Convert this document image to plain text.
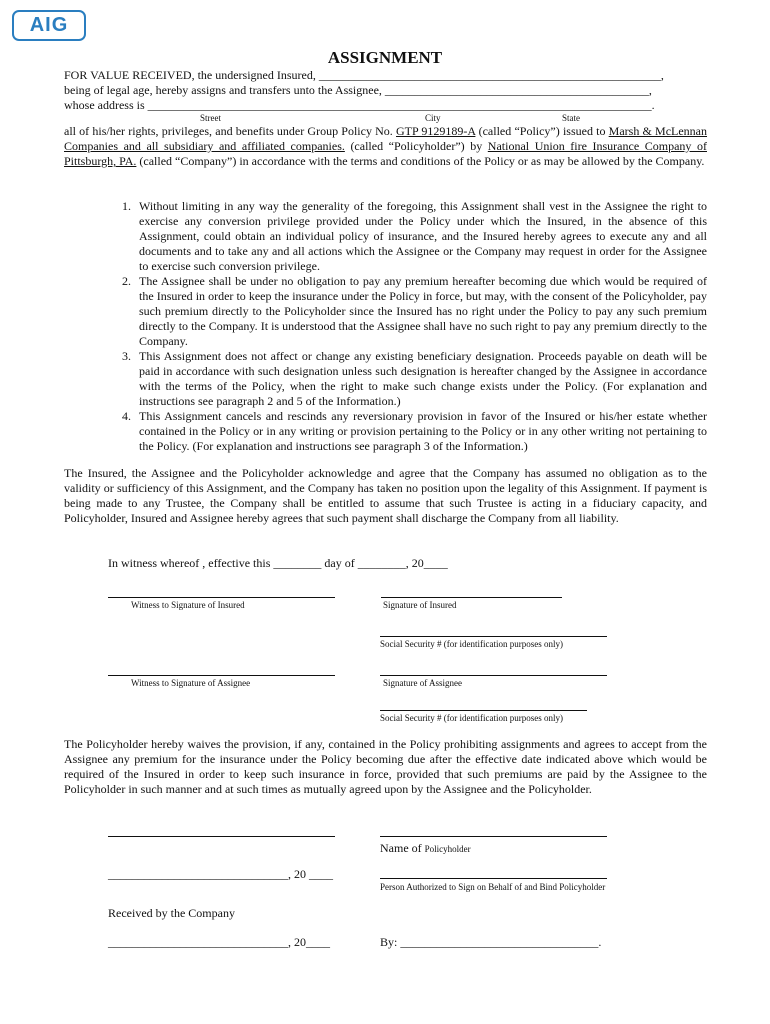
AIG
ASSIGNMENT
FOR VALUE RECEIVED, the undersigned Insured, _________________________________________________________,
being of legal age, hereby assigns and transfers unto the Assignee, ____________________________________________,
whose address is ____________________________________________________________________________________.
Street	City	State
all of his/her rights, privileges, and benefits under Group Policy No. GTP 9129189-A (called “Policy”) issued to Marsh & McLennan Companies and all subsidiary and affiliated companies. (called “Policyholder”) by National Union fire Insurance Company of Pittsburgh, PA. (called “Company”) in accordance with the terms and conditions of the Policy or as may be allowed by the Company.
1. Without limiting in any way the generality of the foregoing, this Assignment shall vest in the Assignee the right to exercise any conversion privilege provided under the Policy under which the Insured, in the absence of this Assignment, could obtain an individual policy of insurance, and the Insured hereby agrees to execute any and all documents and to take any and all actions which the Assignee or the Company may request in order for the Assignee to exercise such conversion privilege.
2. The Assignee shall be under no obligation to pay any premium hereafter becoming due which would be required of the Insured in order to keep the insurance under the Policy in force, but may, with the consent of the Policyholder, pay such premium directly to the Policyholder since the Insured has no right under the Policy to pay any such premium directly to the Company. It is understood that the Assignee shall have no such right to pay any premium directly to the Company.
3. This Assignment does not affect or change any existing beneficiary designation. Proceeds payable on death will be paid in accordance with such designation unless such designation is hereafter changed by the Assignee in accordance with the terms of the Policy, when the right to make such change exists under the Policy. (For explanation and instructions see paragraph 2 and 5 of the Information.)
4. This Assignment cancels and rescinds any reversionary provision in favor of the Insured or his/her estate whether contained in the Policy or in any writing or provision pertaining to the Policy or in any other writing not pertaining to the Policy. (For explanation and instructions see paragraph 3 of the Information.)
The Insured, the Assignee and the Policyholder acknowledge and agree that the Company has assumed no obligation as to the validity or sufficiency of this Assignment, and the Company has taken no position upon the legality of this Assignment. If payment is being made to any Trustee, the Company shall be entitled to assume that such Trustee is acting in a fiduciary capacity, and Policyholder, Insured and Assignee hereby agrees that such payment shall discharge the Company from all liability.
In witness whereof , effective this ________ day of ________, 20____
Witness to Signature of Insured	Signature of Insured
Social Security # (for identification purposes only)
Witness to Signature of Assignee	Signature of Assignee
Social Security # (for identification purposes only)
The Policyholder hereby waives the provision, if any, contained in the Policy prohibiting assignments and agrees to accept from the Assignee any premium for the insurance under the Policy becoming due after the effective date indicated above which would be required of the Insured in order to keep such insurance in force, provided that such premiums are paid by the Assignee to the Policyholder in such manner and at such times as mutually agreed upon by the Assignee and the Policyholder.
Name of Policyholder
______________________________, 20 ____
Person Authorized to Sign on Behalf of and Bind Policyholder
Received by the Company
______________________________, 20____	By: _________________________________.
